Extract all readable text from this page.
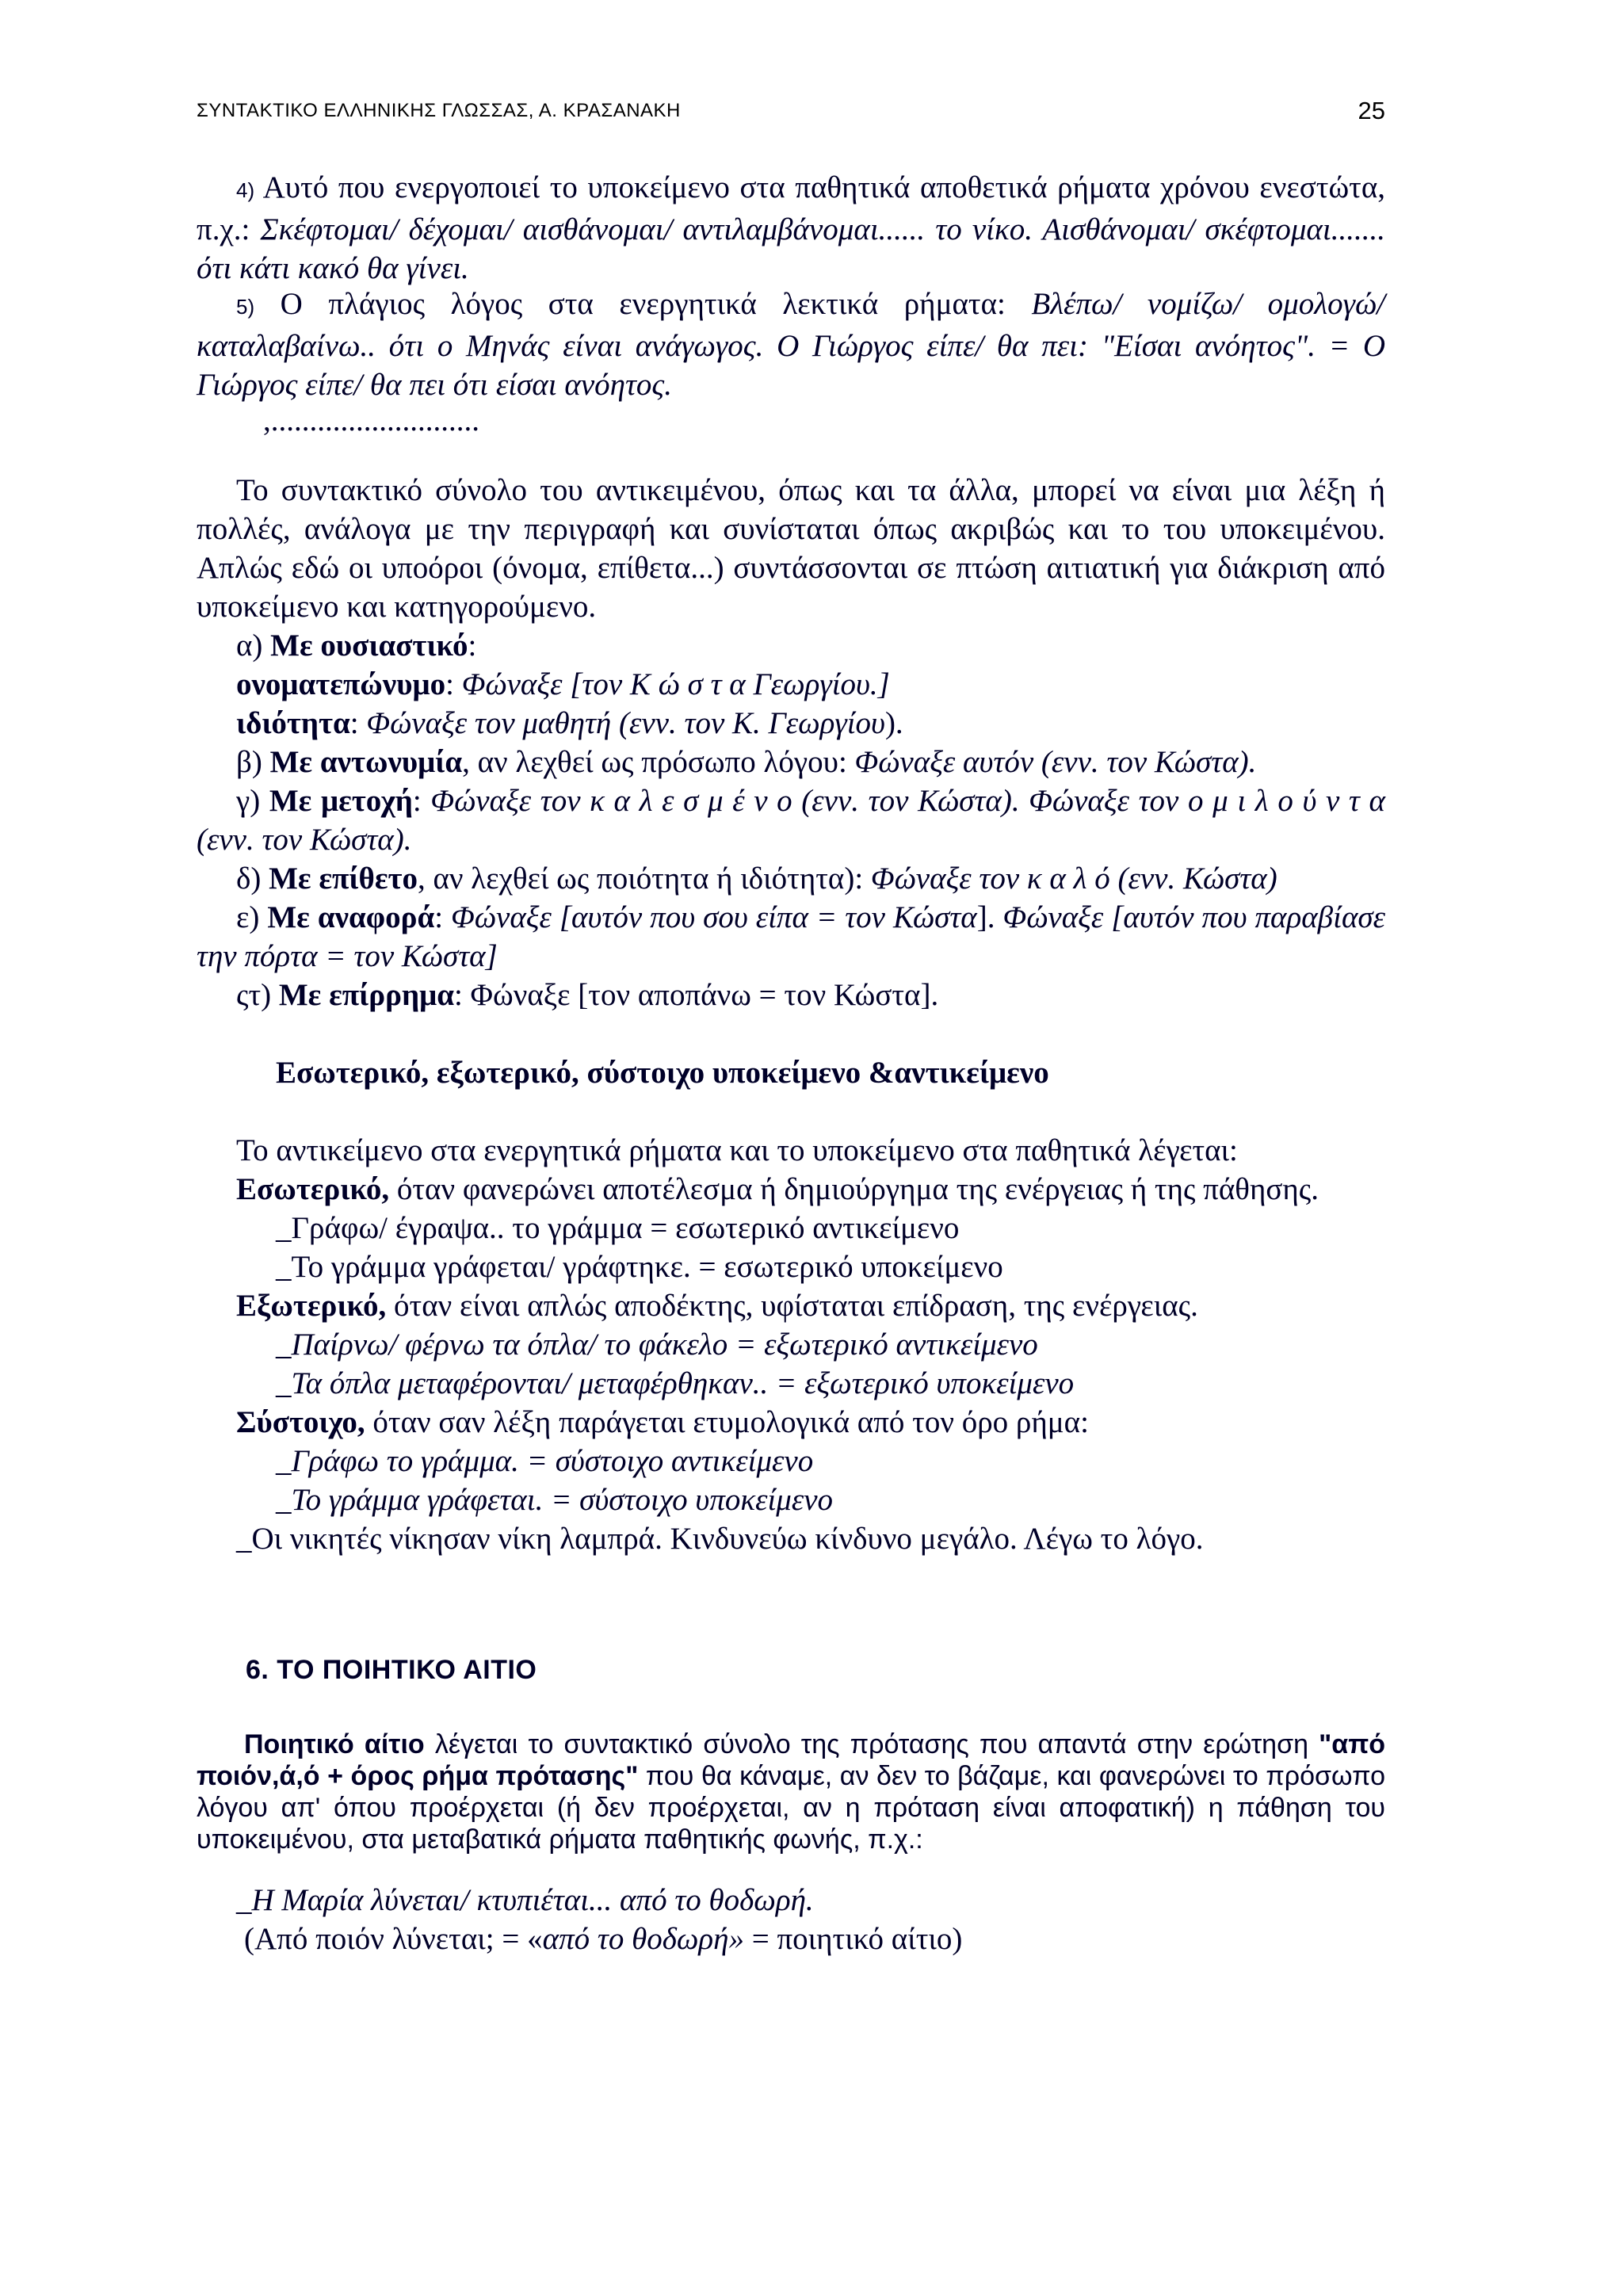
ΣΥΝΤΑΚΤΙΚΟ ΕΛΛΗΝΙΚΗΣ ΓΛΩΣΣΑΣ, Α. ΚΡΑΣΑΝΑΚΗ	25
4) Αυτό που ενεργοποιεί το υποκείμενο στα παθητικά αποθετικά ρήματα χρόνου ενεστώτα, π.χ.: Σκέφτομαι/ δέχομαι/ αισθάνομαι/ αντιλαμβάνομαι...... το νίκο. Αισθάνομαι/ σκέφτομαι....... ότι κάτι κακό θα γίνει.
5) Ο πλάγιος λόγος στα ενεργητικά λεκτικά ρήματα: Βλέπω/ νομίζω/ ομολογώ/ καταλαβαίνω.. ότι ο Μηνάς είναι ανάγωγος. Ο Γιώργος είπε/ θα πει: "Είσαι ανόητος". = Ο Γιώργος είπε/ θα πει ότι είσαι ανόητος.
,...........................
Το συντακτικό σύνολο του αντικειμένου, όπως και τα άλλα, μπορεί να είναι μια λέξη ή πολλές, ανάλογα με την περιγραφή και συνίσταται όπως ακριβώς και το του υποκειμένου. Απλώς εδώ οι υποόροι (όνομα, επίθετα...) συντάσσονται σε πτώση αιτιατική για διάκριση από υποκείμενο και κατηγορούμενο.
α) Με ουσιαστικό:
ονοματεπώνυμο: Φώναξε [τον Κ ώ σ τ α Γεωργίου.]
ιδιότητα: Φώναξε τον μαθητή (ενν. τον Κ. Γεωργίου).
β) Με αντωνυμία, αν λεχθεί ως πρόσωπο λόγου: Φώναξε αυτόν (ενν. τον Κώστα).
γ) Με μετοχή: Φώναξε τον κ α λ ε σ μ έ ν ο (ενν. τον Κώστα). Φώναξε τον ο μ ι λ ο ύ ν τ α (ενν. τον Κώστα).
δ) Με επίθετο, αν λεχθεί ως ποιότητα ή ιδιότητα): Φώναξε τον κ α λ ό (ενν. Κώστα)
ε) Με αναφορά: Φώναξε [αυτόν που σου είπα = τον Κώστα]. Φώναξε [αυτόν που παραβίασε την πόρτα = τον Κώστα]
ςτ) Με επίρρημα: Φώναξε [τον αποπάνω = τον Κώστα].
Εσωτερικό, εξωτερικό, σύστοιχο υποκείμενο &αντικείμενο
Το αντικείμενο στα ενεργητικά ρήματα και το υποκείμενο στα παθητικά λέγεται:
Εσωτερικό, όταν φανερώνει αποτέλεσμα ή δημιούργημα της ενέργειας ή της πάθησης.
_Γράφω/ έγραψα.. το γράμμα = εσωτερικό αντικείμενο
_Το γράμμα γράφεται/ γράφτηκε. = εσωτερικό υποκείμενο
Εξωτερικό, όταν είναι απλώς αποδέκτης, υφίσταται επίδραση, της ενέργειας.
_Παίρνω/ φέρνω τα όπλα/ το φάκελο = εξωτερικό αντικείμενο
_Τα όπλα μεταφέρονται/ μεταφέρθηκαν.. = εξωτερικό υποκείμενο
Σύστοιχο, όταν σαν λέξη παράγεται ετυμολογικά από τον όρο ρήμα:
_Γράφω το γράμμα. = σύστοιχο αντικείμενο
_Το γράμμα γράφεται. = σύστοιχο υποκείμενο
_Οι νικητές νίκησαν νίκη λαμπρά. Κινδυνεύω κίνδυνο μεγάλο. Λέγω το λόγο.
6. ΤΟ ΠΟΙΗΤΙΚΟ ΑΙΤΙΟ
Ποιητικό αίτιο λέγεται το συντακτικό σύνολο της πρότασης που απαντά στην ερώτηση "από ποιόν,ά,ό + όρος ρήμα πρότασης" που θα κάναμε, αν δεν το βάζαμε, και φανερώνει το πρόσωπο λόγου απ' όπου προέρχεται (ή δεν προέρχεται, αν η πρόταση είναι αποφατική) η πάθηση του υποκειμένου, στα μεταβατικά ρήματα παθητικής φωνής, π.χ.:
_Η Μαρία λύνεται/ κτυπιέται... από το θοδωρή.
(Από ποιόν λύνεται; = «από το θοδωρή» = ποιητικό αίτιο)
